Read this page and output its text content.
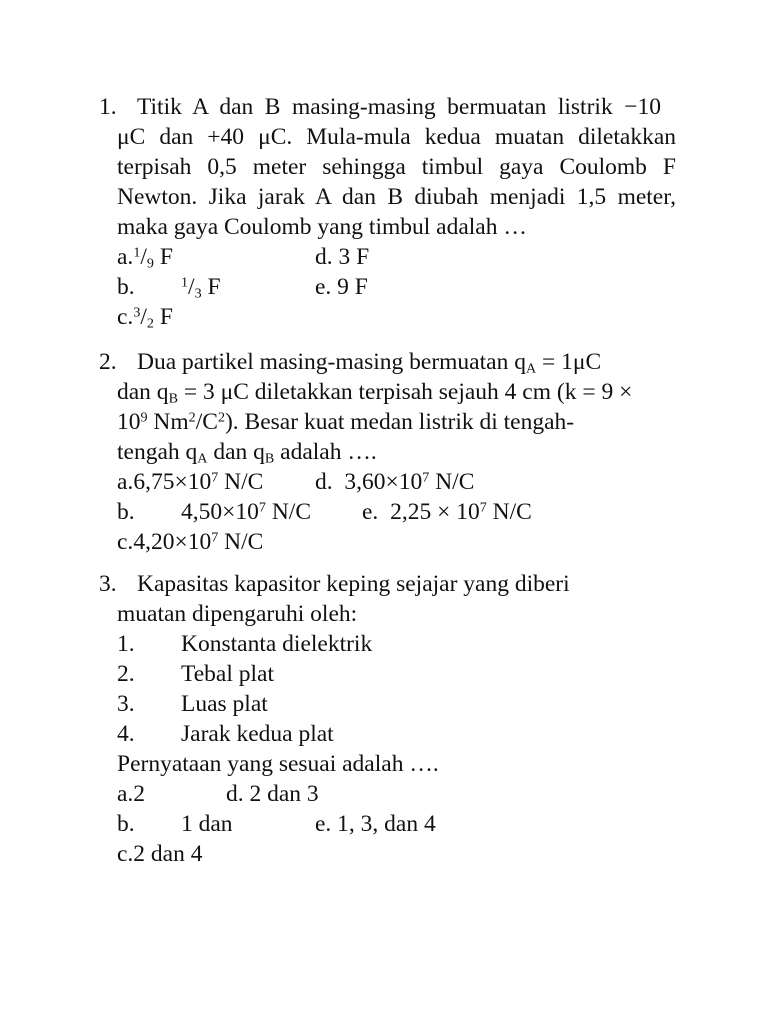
1. Titik A dan B masing-masing bermuatan listrik −10
μC dan +40 μC. Mula-mula kedua muatan diletakkan
terpisah 0,5 meter sehingga timbul gaya Coulomb F
Newton. Jika jarak A dan B diubah menjadi 1,5 meter,
maka gaya Coulomb yang timbul adalah …
$a.^1/_9$ F	d. 3 F
b.	$^1/_3$ F	e. 9 F
$c.^3/_2$ F
2. Dua partikel masing-masing bermuatan $q_A = 1\mu C$
dan $q_B = 3$ μC diletakkan terpisah sejauh 4 cm (k = 9 ×
$10^9$ $Nm^2/C^2$). Besar kuat medan listrik di tengah-
tengah $q_A$ dan $q_B$ adalah ….
$a.6,75\times 10^7$ N/C d. $3,60\times 10^7$ N/C
b. $4,50\times 10^7$ N/C e. $2,25 \times 10^7$ N/C
$c.4,20\times 10^7$ N/C
3. Kapasitas kapasitor keping sejajar yang diberi
muatan dipengaruhi oleh:
1. Konstanta dielektrik
2. Tebal plat
3. Luas plat
4. Jarak kedua plat
Pernyataan yang sesuai adalah ….
a.2	d. 2 dan 3
b. 1 dan	e. 1, 3, dan 4
c.2 dan 4
